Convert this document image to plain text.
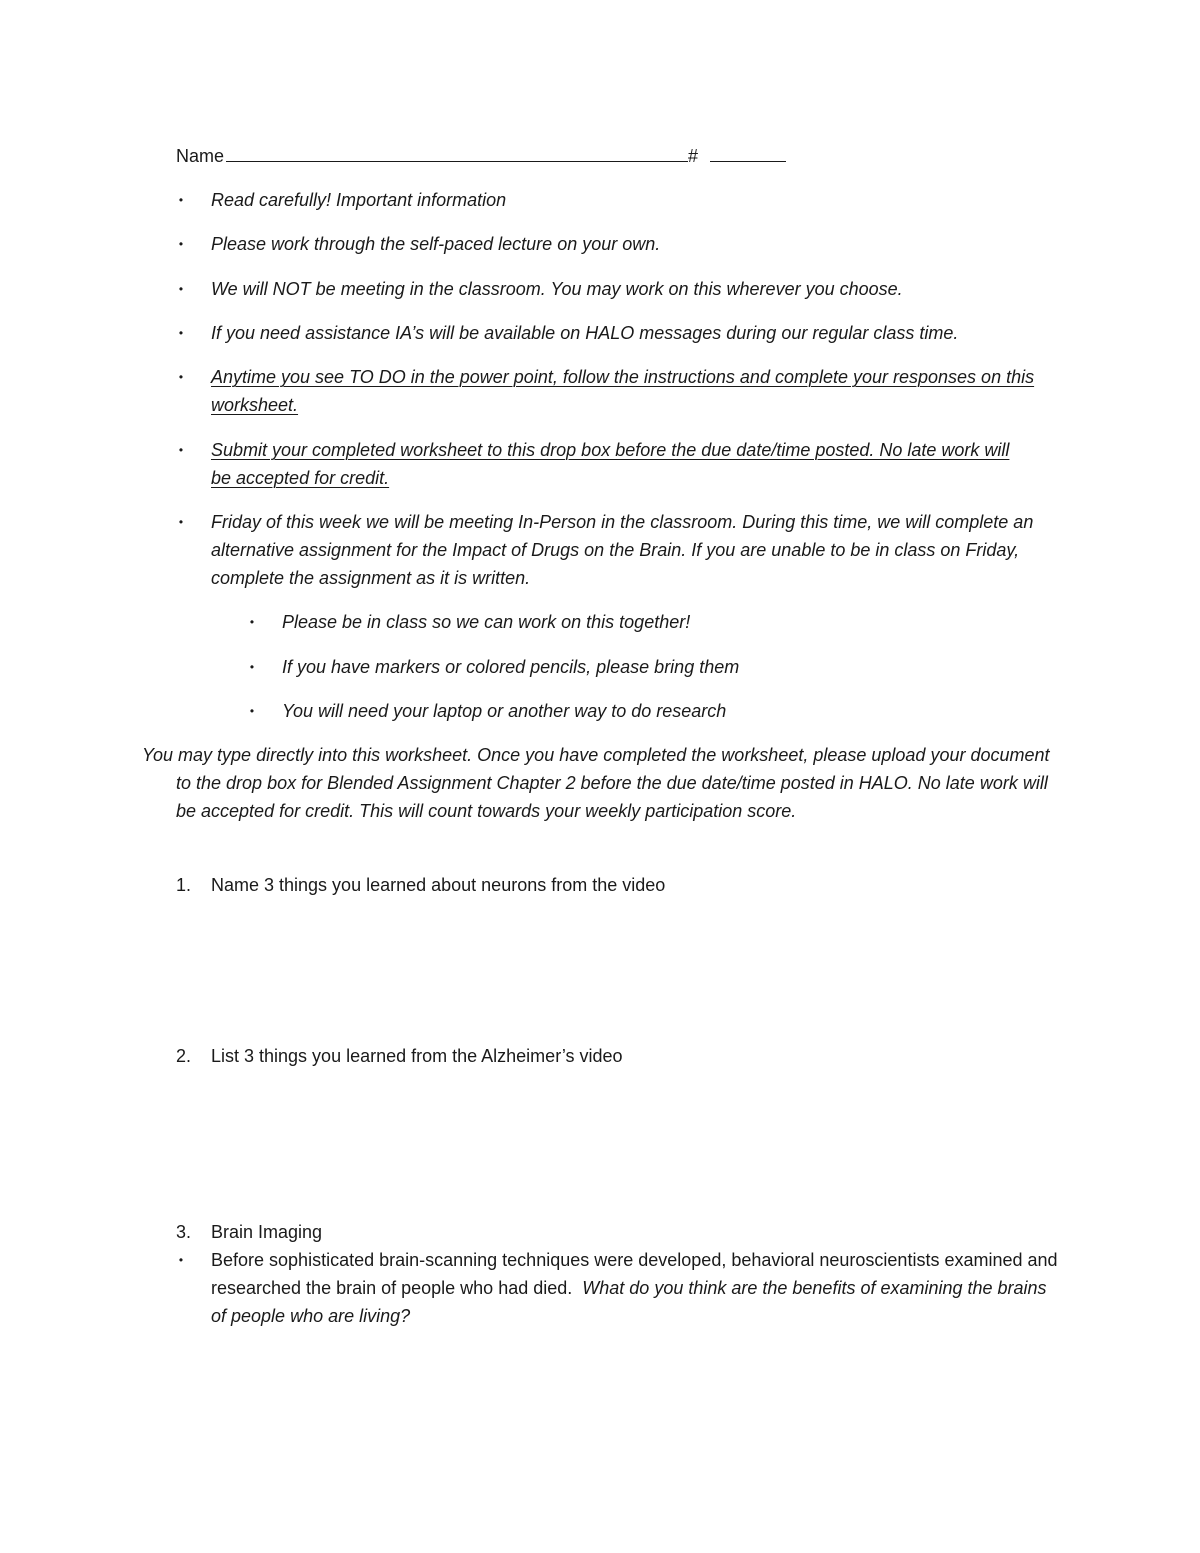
Name	#
• Read carefully! Important information
• Please work through the self-paced lecture on your own.
• We will NOT be meeting in the classroom. You may work on this wherever you choose.
• If you need assistance IA’s will be available on HALO messages during our regular class time.
• Anytime you see TO DO in the power point, follow the instructions and complete your responses on this worksheet.
• Submit your completed worksheet to this drop box before the due date/time posted. No late work will be accepted for credit.
• Friday of this week we will be meeting In-Person in the classroom. During this time, we will complete an alternative assignment for the Impact of Drugs on the Brain. If you are unable to be in class on Friday, complete the assignment as it is written.
• Please be in class so we can work on this together!
• If you have markers or colored pencils, please bring them
• You will need your laptop or another way to do research
You may type directly into this worksheet. Once you have completed the worksheet, please upload your document to the drop box for Blended Assignment Chapter 2 before the due date/time posted in HALO. No late work will be accepted for credit. This will count towards your weekly participation score.
1. Name 3 things you learned about neurons from the video
2. List 3 things you learned from the Alzheimer’s video
3. Brain Imaging
• Before sophisticated brain-scanning techniques were developed, behavioral neuroscientists examined and researched the brain of people who had died. What do you think are the benefits of examining the brains of people who are living?
